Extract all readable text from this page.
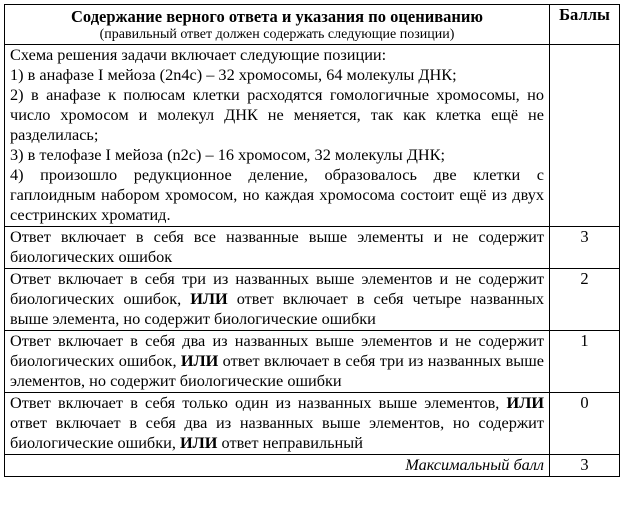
Содержание верного ответа и указания по оцениванию
(правильный ответ должен содержать следующие позиции)	Баллы

Схема решения задачи включает следующие позиции:
1) в анафазе I мейоза (2n4c) – 32 хромосомы, 64 молекулы ДНК;
2) в анафазе к полюсам клетки расходятся гомологичные хромосомы, но число хромосом и молекул ДНК не меняется, так как клетка ещё не разделилась;
3) в телофазе I мейоза (n2c) – 16 хромосом, 32 молекулы ДНК;
4) произошло редукционное деление, образовалось две клетки с гаплоидным набором хромосом, но каждая хромосома состоит ещё из двух сестринских хроматид.	

Ответ включает в себя все названные выше элементы и не содержит биологических ошибок	3
Ответ включает в себя три из названных выше элементов и не содержит биологических ошибок, ИЛИ ответ включает в себя четыре названных выше элемента, но содержит биологические ошибки	2
Ответ включает в себя два из названных выше элементов и не содержит биологических ошибок, ИЛИ ответ включает в себя три из названных выше элементов, но содержит биологические ошибки	1
Ответ включает в себя только один из названных выше элементов, ИЛИ ответ включает в себя два из названных выше элементов, но содержит биологические ошибки, ИЛИ ответ неправильный	0
Максимальный балл	3
